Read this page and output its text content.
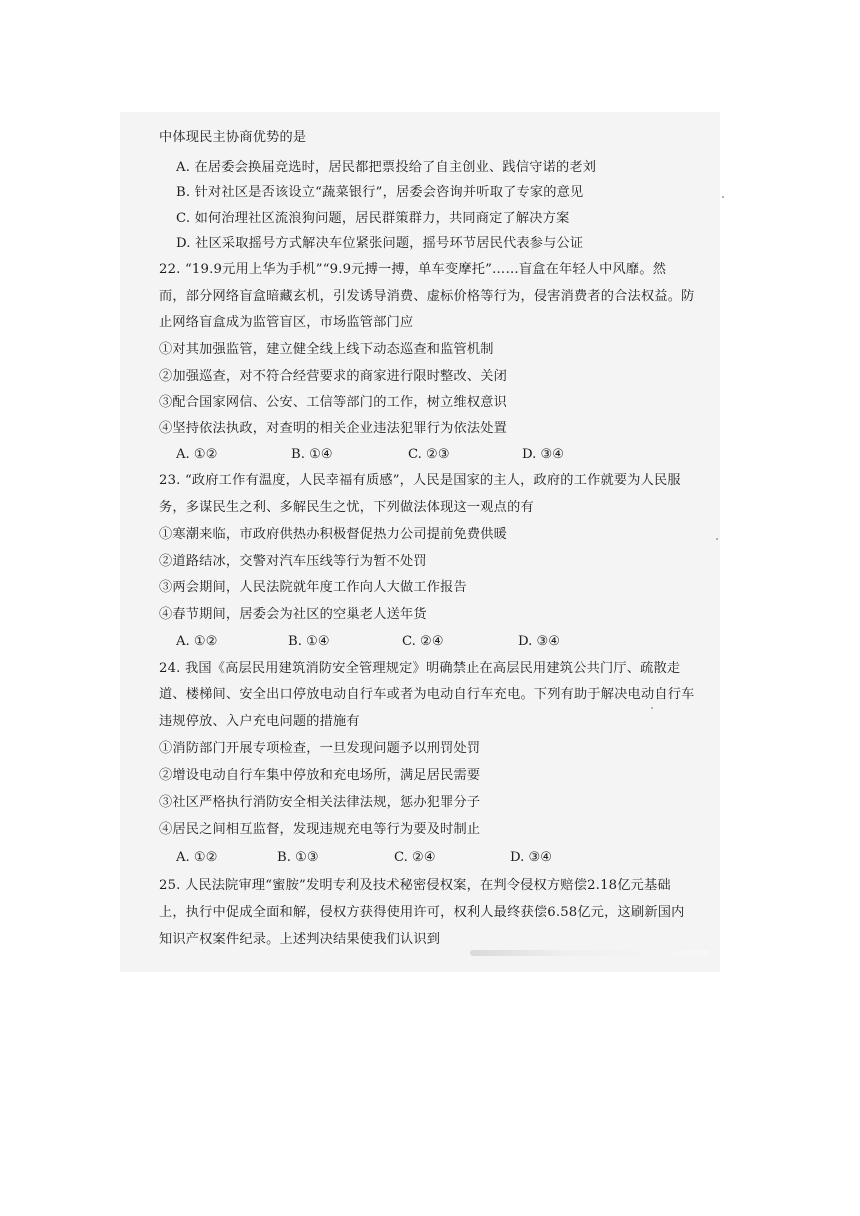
中体现民主协商优势的是
A. 在居委会换届竞选时，居民都把票投给了自主创业、践信守诺的老刘
B. 针对社区是否该设立“蔬菜银行”，居委会咨询并听取了专家的意见
C. 如何治理社区流浪狗问题，居民群策群力，共同商定了解决方案
D. 社区采取摇号方式解决车位紧张问题，摇号环节居民代表参与公证
22. “19.9元用上华为手机”“9.9元搏一搏，单车变摩托”……盲盒在年轻人中风靡。然
而，部分网络盲盒暗藏玄机，引发诱导消费、虚标价格等行为，侵害消费者的合法权益。防
止网络盲盒成为监管盲区，市场监管部门应
①对其加强监管，建立健全线上线下动态巡查和监管机制
②加强巡查，对不符合经营要求的商家进行限时整改、关闭
③配合国家网信、公安、工信等部门的工作，树立维权意识
④坚持依法执政，对查明的相关企业违法犯罪行为依法处置
A. ①②	B. ①④	C. ②③	D. ③④
23. “政府工作有温度，人民幸福有质感”，人民是国家的主人，政府的工作就要为人民服
务，多谋民生之利、多解民生之忧，下列做法体现这一观点的有
①寒潮来临，市政府供热办积极督促热力公司提前免费供暖
②道路结冰，交警对汽车压线等行为暂不处罚
③两会期间，人民法院就年度工作向人大做工作报告
④春节期间，居委会为社区的空巢老人送年货
A. ①②	B. ①④	C. ②④	D. ③④
24. 我国《高层民用建筑消防安全管理规定》明确禁止在高层民用建筑公共门厅、疏散走
道、楼梯间、安全出口停放电动自行车或者为电动自行车充电。下列有助于解决电动自行车
违规停放、入户充电问题的措施有
①消防部门开展专项检查，一旦发现问题予以刑罚处罚
②增设电动自行车集中停放和充电场所，满足居民需要
③社区严格执行消防安全相关法律法规，惩办犯罪分子
④居民之间相互监督，发现违规充电等行为要及时制止
A. ①②	B. ①③	C. ②④	D. ③④
25. 人民法院审理“蜜胺”发明专利及技术秘密侵权案，在判令侵权方赔偿2.18亿元基础
上，执行中促成全面和解，侵权方获得使用许可，权利人最终获偿6.58亿元，这刷新国内
知识产权案件纪录。上述判决结果使我们认识到
